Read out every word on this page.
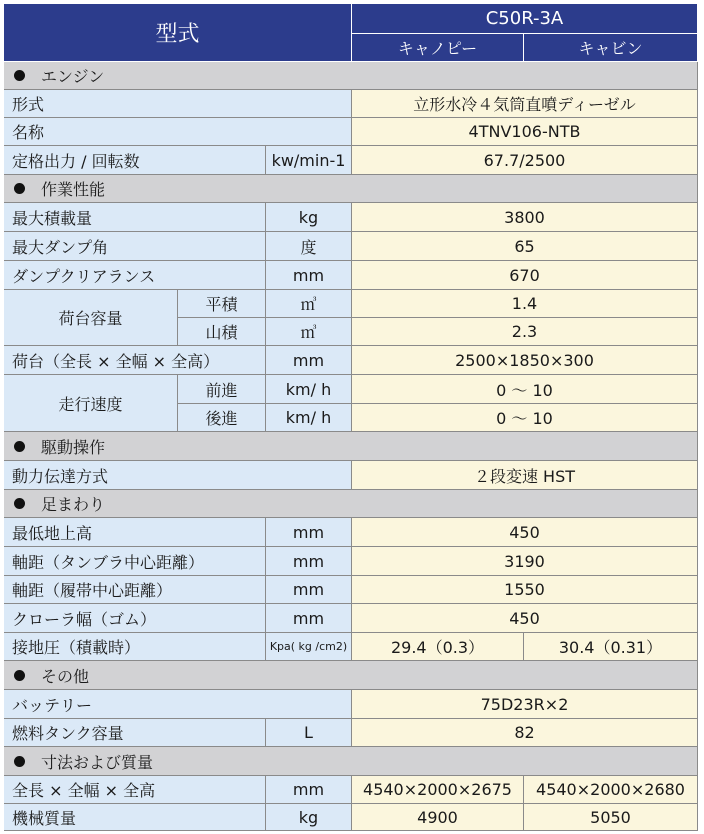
型式
C50R-3A
キャノピー	キャビン
エンジン
形式	立形水冷４気筒直噴ディーゼル
名称	4TNV106-NTB
定格出力 / 回転数	kw/min-1	67.7/2500
作業性能
最大積載量	kg	3800
最大ダンプ角	度	65
ダンプクリアランス	mm	670
荷台容量
平積	㎥	1.4
山積	㎥	2.3
荷台（全長 × 全幅 × 全高）	mm	2500×1850×300
走行速度
前進	km/ h	0 ～ 10
後進	km/ h	0 ～ 10
駆動操作
動力伝達方式	２段変速 HST
足まわり
最低地上高	mm	450
軸距（タンブラ中心距離）	mm	3190
軸距（履帯中心距離）	mm	1550
クローラ幅（ゴム）	mm	450
接地圧（積載時）	Kpa( kg /cm2)	29.4（0.3）	30.4（0.31）
その他
バッテリー	75D23R×2
燃料タンク容量	L	82
寸法および質量
全長 × 全幅 × 全高	mm	4540×2000×2675	4540×2000×2680
機械質量	kg	4900	5050
